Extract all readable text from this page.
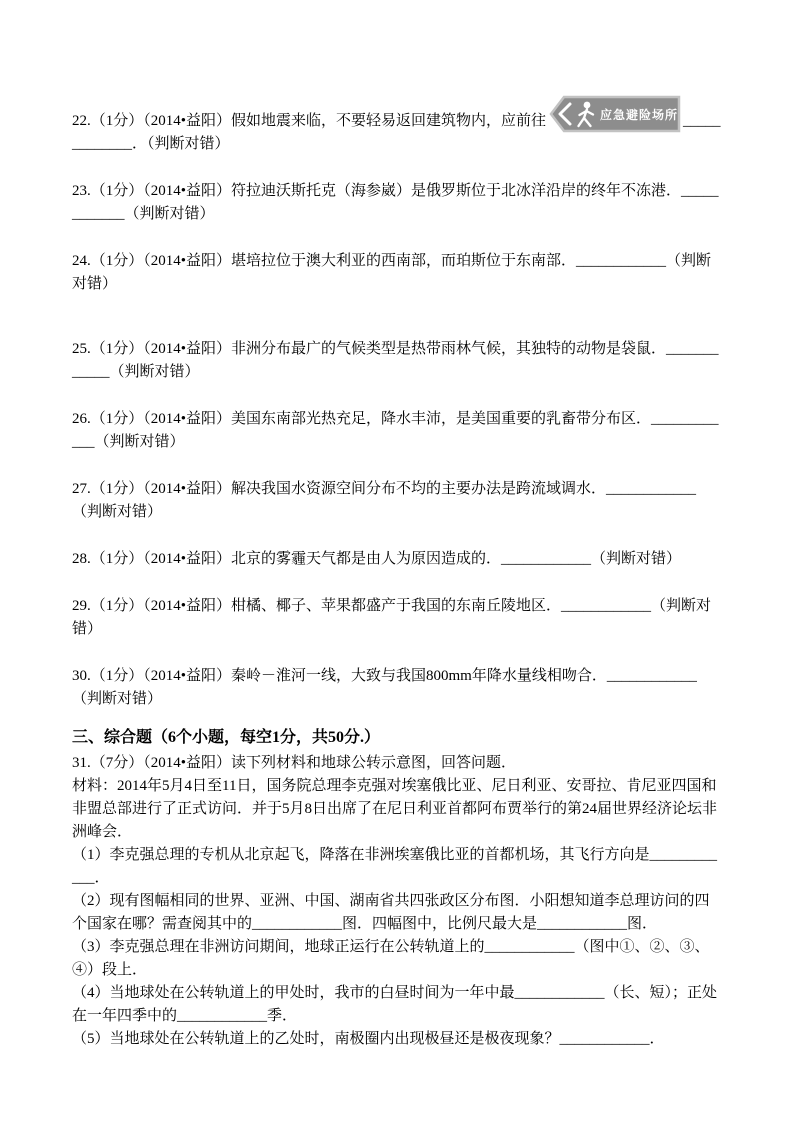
22.（1分）（2014•益阳）假如地震来临，不要轻易返回建筑物内，应前往	应急避险场所 _____________．（判断对错）

23.（1分）（2014•益阳）符拉迪沃斯托克（海参崴）是俄罗斯位于北冰洋沿岸的终年不冻港．____________（判断对错）

24.（1分）（2014•益阳）堪培拉位于澳大利亚的西南部，而珀斯位于东南部．____________（判断对错）

25.（1分）（2014•益阳）非洲分布最广的气候类型是热带雨林气候，其独特的动物是袋鼠．____________（判断对错）

26.（1分）（2014•益阳）美国东南部光热充足，降水丰沛，是美国重要的乳畜带分布区．____________（判断对错）

27.（1分）（2014•益阳）解决我国水资源空间分布不均的主要办法是跨流域调水．____________（判断对错）

28.（1分）（2014•益阳）北京的雾霾天气都是由人为原因造成的．____________（判断对错）

29.（1分）（2014•益阳）柑橘、椰子、苹果都盛产于我国的东南丘陵地区．____________（判断对错）

30.（1分）（2014•益阳）秦岭－淮河一线，大致与我国800mm年降水量线相吻合．____________（判断对错）

三、综合题（6个小题，每空1分，共50分.）

31.（7分）（2014•益阳）读下列材料和地球公转示意图，回答问题．

材料：2014年5月4日至11日，国务院总理李克强对埃塞俄比亚、尼日利亚、安哥拉、肯尼亚四国和非盟总部进行了正式访问．并于5月8日出席了在尼日利亚首都阿布贾举行的第24届世界经济论坛非洲峰会．

（1）李克强总理的专机从北京起飞，降落在非洲埃塞俄比亚的首都机场，其飞行方向是____________．

（2）现有图幅相同的世界、亚洲、中国、湖南省共四张政区分布图．小阳想知道李总理访问的四个国家在哪？需查阅其中的____________图．四幅图中，比例尺最大是____________图．

（3）李克强总理在非洲访问期间，地球正运行在公转轨道上的____________（图中①、②、③、④）段上．

（4）当地球处在公转轨道上的甲处时，我市的白昼时间为一年中最____________（长、短）；正处在一年四季中的____________季．

（5）当地球处在公转轨道上的乙处时，南极圈内出现极昼还是极夜现象？____________．
